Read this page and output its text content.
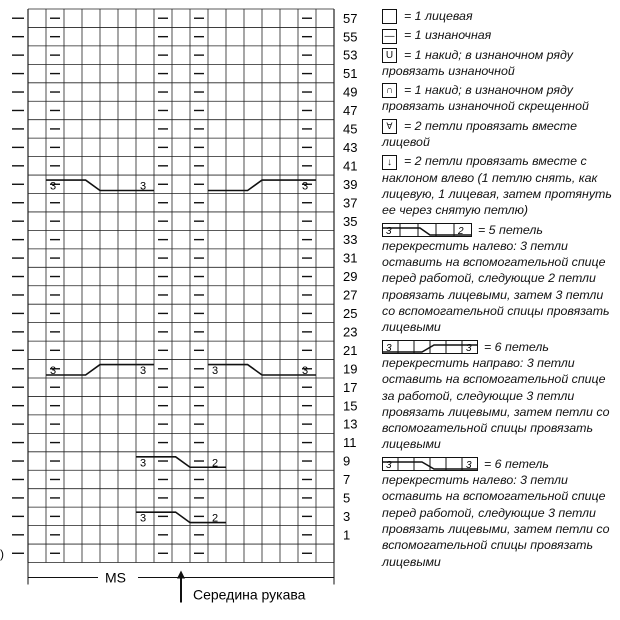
57
55
53
51
49
47
45
43
41
39
37
35
33
31
29
27
25
23
21
19
17
15
13
11
9
7
5
3
1
3	3	3
3	3	3	3
3	2
3	2
MS
Середина рукава
)
= 1 лицевая
— = 1 изнаночная
U = 1 накид; в изнаночном ряду провязать изнаночной
∩ = 1 накид; в изнаночном ряду провязать изнаночной скрещенной
∀ = 2 петли провязать вместе лицевой
↓ = 2 петли провязать вместе с наклоном влево (1 петлю снять, как лицевую, 1 лицевая, затем протянуть ее через снятую петлю)
3	2 = 5 петель
перекрестить налево: 3 петли оставить на вспомогательной спице перед работой, следующие 2 петли провязать лицевыми, затем 3 петли со вспомогательной спицы провязать лицевыми
3	3 = 6 петель
перекрестить направо: 3 петли оставить на вспомогательной спице за работой, следующие 3 петли провязать лицевыми, затем петли со вспомогательной спицы провязать лицевыми
3	3 = 6 петель
перекрестить налево: 3 петли оставить на вспомогательной спице перед работой, следующие 3 петли провязать лицевыми, затем петли со вспомогательной спицы провязать лицевыми
